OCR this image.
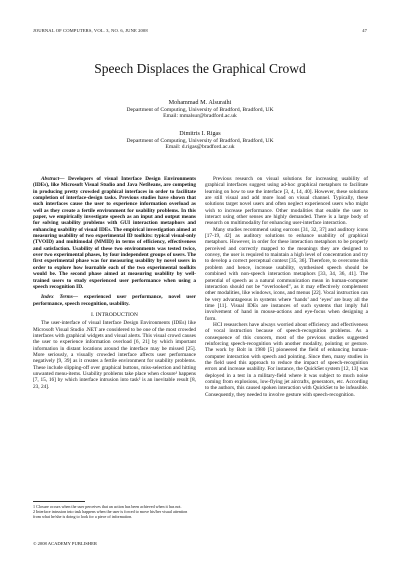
JOURNAL OF COMPUTERS, VOL. 3, NO. 6, JUNE 2008	47
Speech Displaces the Graphical Crowd
Mohammad M. Alsuraihi
Department of Computing, University of Bradford, Bradford, UK
Email: mmalsur@bradford.ac.uk
Dimitris I. Rigas
Department of Computing, University of Bradford, Bradford, UK
Email: d.rigas@bradford.ac.uk

Abstract— Developers of visual Interface Design Environments (IDEs), like Microsoft Visual Studio and Java NetBeans, are competing in producing pretty crowded graphical interfaces in order to facilitate completion of interface-design tasks. Previous studies have shown that such interfaces cause the user to experience information overload as well as they create a fertile environment for usability problems. In this paper, we empirically investigate speech as an input and output means for solving usability problems with GUI interaction metaphors and enhancing usability of visual IDEs. The empirical investigation aimed at measuring usability of two experimental ID toolkits: typical visual-only (TVOID) and multimodal (MMID) in terms of efficiency, effectiveness and satisfaction. Usability of these two environments was tested twice, over two experimental phases, by four independent groups of users. The first experimental phase was for measuring usability by novel users in order to explore how learnable each of the two experimental toolkits would be. The second phase aimed at measuring usability by well-trained users to study experienced user performance when using a speech recognition ID.

Index Terms— experienced user performance, novel user performance, speech recognition, usability.

I. INTRODUCTION

The user-interface of visual Interface Design Environments (IDEs) like Microsoft Visual Studio .NET are considered to be one of the most crowded interfaces with graphical widgets and visual alerts. This visual crowd causes the user to experience information overload [6, 21] by which important information in distant locations around the interface may be missed [25]. More seriously, a visually crowded interface affects user performance negatively [9, 39] as it creates a fertile environment for usability problems. These include slipping-off over graphical buttons, miss-selection and hitting unwanted menu-items. Usability problems take place when closure¹ happens [7, 15, 16] by which interface intrusion into task² is an inevitable result [8, 23, 24].

Previous research on visual solutions for increasing usability of graphical interfaces suggest using ad-hoc graphical metaphors to facilitate learning on how to use the interface [3, 4, 14, 40]. However, these solutions are still visual and add more load on visual channel. Typically, these solutions target novel users and often neglect experienced users who might wish to increase performance. Other modalities that enable the user to interact using other senses are highly demanded. There is a large body of research on multimodality for enhancing user-interface interaction.

Many studies recommend using earcons [31, 32, 37] and auditory icons [17-19, 42] as auditory solutions to enhance usability of graphical metaphors. However, in order for these interaction metaphors to be properly perceived and correctly mapped to the meanings they are designed to convey, the user is required to maintain a high level of concentration and try to develop a correct perceptual context [35, 36]. Therefore, to overcome this problem and hence, increase usability, synthesised speech should be combined with non-speech interaction metaphors [33, 34, 36, 41]. The potential of speech as a natural communication mean in human-computer interaction should not be “overlooked”, as it may effectively complement other modalities, like windows, icons, and menus [22]. Vocal instruction can be very advantageous in systems where ‘hands’ and ‘eyes’ are busy all the time [11]. Visual IDEs are instances of such systems that imply full involvement of hand in mouse-actions and eye-focus when designing a form.

HCI researchers have always worried about efficiency and effectiveness of vocal instruction because of speech-recognition problems. As a consequence of this concern, most of the previous studies suggested reinforcing speech-recognition with another modality, pointing or gesture. The work by Bolt in 1980 [5] pioneered the field of enhancing human-computer interaction with speech and pointing. Since then, many studies in the field used this approach to reduce the impact of speech-recognition errors and increase usability. For instance, the QuickSet system [12, 13] was deployed in a test in a military-field where it was subject to much noise coming from explosions, low-flying jet aircrafts, generators, etc. According to the authors, this caused spoken interaction with QuickSet to be infeasible. Consequently, they needed to involve gesture with speech-recognition.

1 Closure occurs when the user perceives that an action has been achieved when it has not.

2 Interface intrusion into task happens when the user is forced to move his/her visual attention from what he/she is doing to look for a piece of information.

© 2008 ACADEMY PUBLISHER
